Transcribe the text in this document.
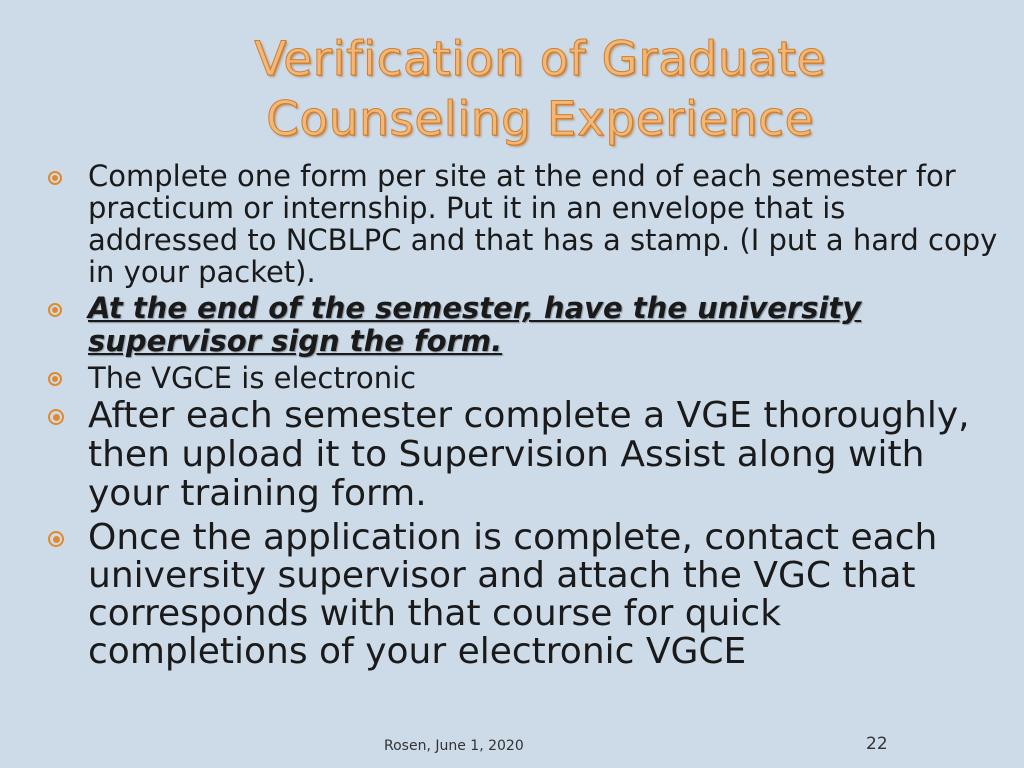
Verification of Graduate
Counseling Experience
Complete one form per site at the end of each semester for practicum or internship. Put it in an envelope that is addressed to NCBLPC and that has a stamp. (I put a hard copy in your packet).
At the end of the semester, have the university supervisor sign the form.
The VGCE is electronic
After each semester complete a VGE thoroughly, then upload it to Supervision Assist along with your training form.
Once the application is complete, contact each university supervisor and attach the VGC that corresponds with that course for quick completions of your electronic VGCE
Rosen, June 1, 2020	22
